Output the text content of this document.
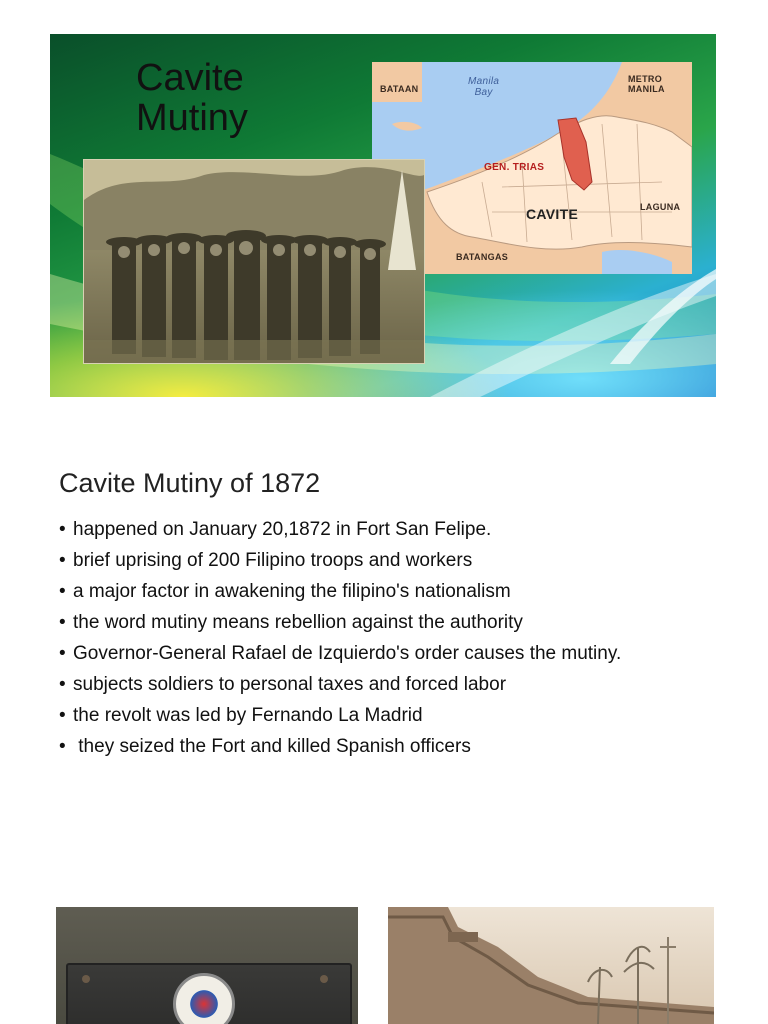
Cavite
Mutiny
BATAAN
Manila
Bay
METRO
MANILA
GEN. TRIAS
CAVITE	LAGUNA
BATANGAS
Cavite Mutiny of 1872
• happened on January 20,1872 in Fort San Felipe.
• brief uprising of 200 Filipino troops and workers
• a major factor in awakening the filipino's nationalism
• the word mutiny means rebellion against the authority
• Governor-General Rafael de Izquierdo's order causes the mutiny.
• subjects soldiers to personal taxes and forced labor
• the revolt was led by Fernando La Madrid
• they seized the Fort and killed Spanish officers
